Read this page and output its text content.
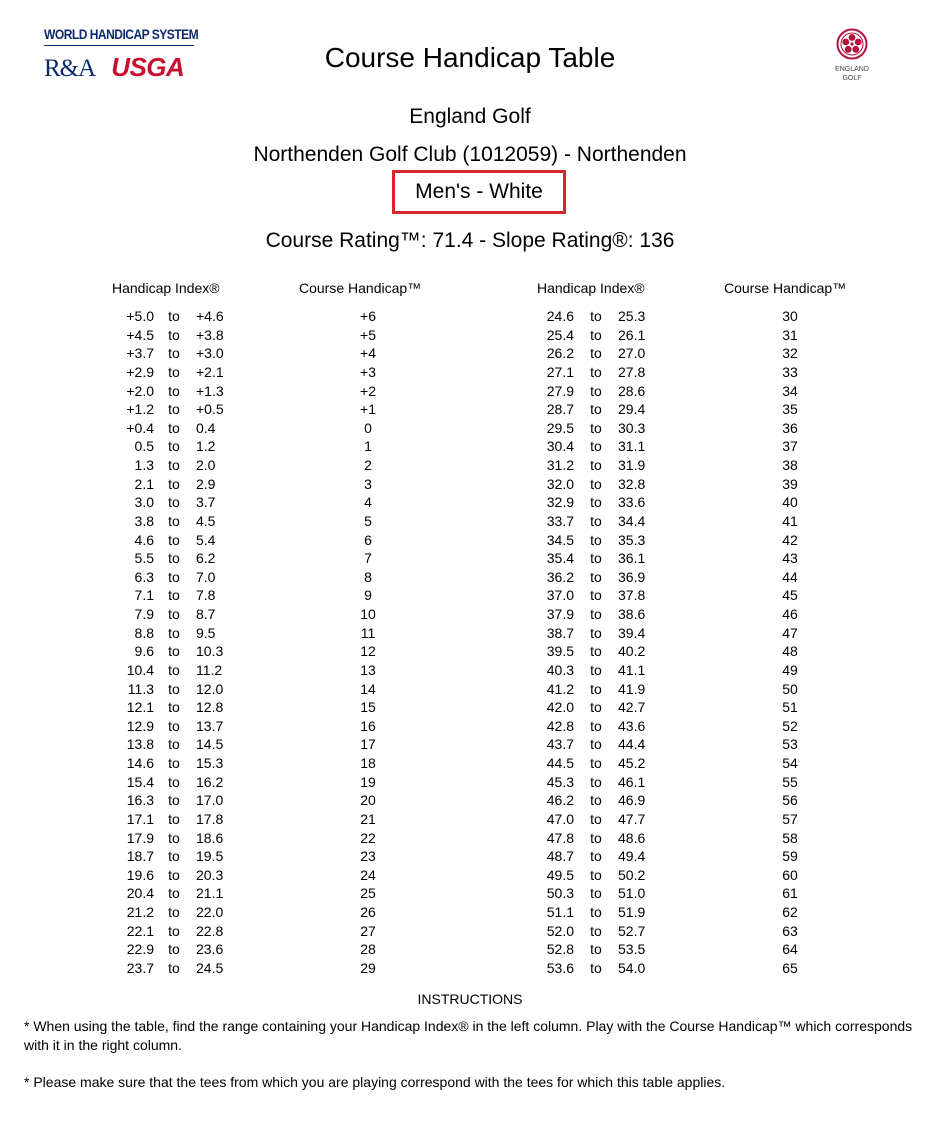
WORLD HANDICAP SYSTEM
R&A USGA	Course Handicap Table	ENGLAND
GOLF
England Golf
Northenden Golf Club (1012059) - Northenden
Men's - White
Course Rating™: 71.4 - Slope Rating®: 136
Handicap Index®	Course Handicap™	Handicap Index®	Course Handicap™
+5.0 to +4.6	+6	24.6 to 25.3	30
+4.5 to +3.8	+5	25.4 to 26.1	31
+3.7 to +3.0	+4	26.2 to 27.0	32
+2.9 to +2.1	+3	27.1 to 27.8	33
+2.0 to +1.3	+2	27.9 to 28.6	34
+1.2 to +0.5	+1	28.7 to 29.4	35
+0.4 to 0.4	0	29.5 to 30.3	36
0.5 to 1.2	1	30.4 to 31.1	37
1.3 to 2.0	2	31.2 to 31.9	38
2.1 to 2.9	3	32.0 to 32.8	39
3.0 to 3.7	4	32.9 to 33.6	40
3.8 to 4.5	5	33.7 to 34.4	41
4.6 to 5.4	6	34.5 to 35.3	42
5.5 to 6.2	7	35.4 to 36.1	43
6.3 to 7.0	8	36.2 to 36.9	44
7.1 to 7.8	9	37.0 to 37.8	45
7.9 to 8.7	10	37.9 to 38.6	46
8.8 to 9.5	11	38.7 to 39.4	47
9.6 to 10.3	12	39.5 to 40.2	48
10.4 to 11.2	13	40.3 to 41.1	49
11.3 to 12.0	14	41.2 to 41.9	50
12.1 to 12.8	15	42.0 to 42.7	51
12.9 to 13.7	16	42.8 to 43.6	52
13.8 to 14.5	17	43.7 to 44.4	53
14.6 to 15.3	18	44.5 to 45.2	54
15.4 to 16.2	19	45.3 to 46.1	55
16.3 to 17.0	20	46.2 to 46.9	56
17.1 to 17.8	21	47.0 to 47.7	57
17.9 to 18.6	22	47.8 to 48.6	58
18.7 to 19.5	23	48.7 to 49.4	59
19.6 to 20.3	24	49.5 to 50.2	60
20.4 to 21.1	25	50.3 to 51.0	61
21.2 to 22.0	26	51.1 to 51.9	62
22.1 to 22.8	27	52.0 to 52.7	63
22.9 to 23.6	28	52.8 to 53.5	64
23.7 to 24.5	29	53.6 to 54.0	65
INSTRUCTIONS
* When using the table, find the range containing your Handicap Index® in the left column. Play with the Course Handicap™ which corresponds with it in the right column.
* Please make sure that the tees from which you are playing correspond with the tees for which this table applies.
